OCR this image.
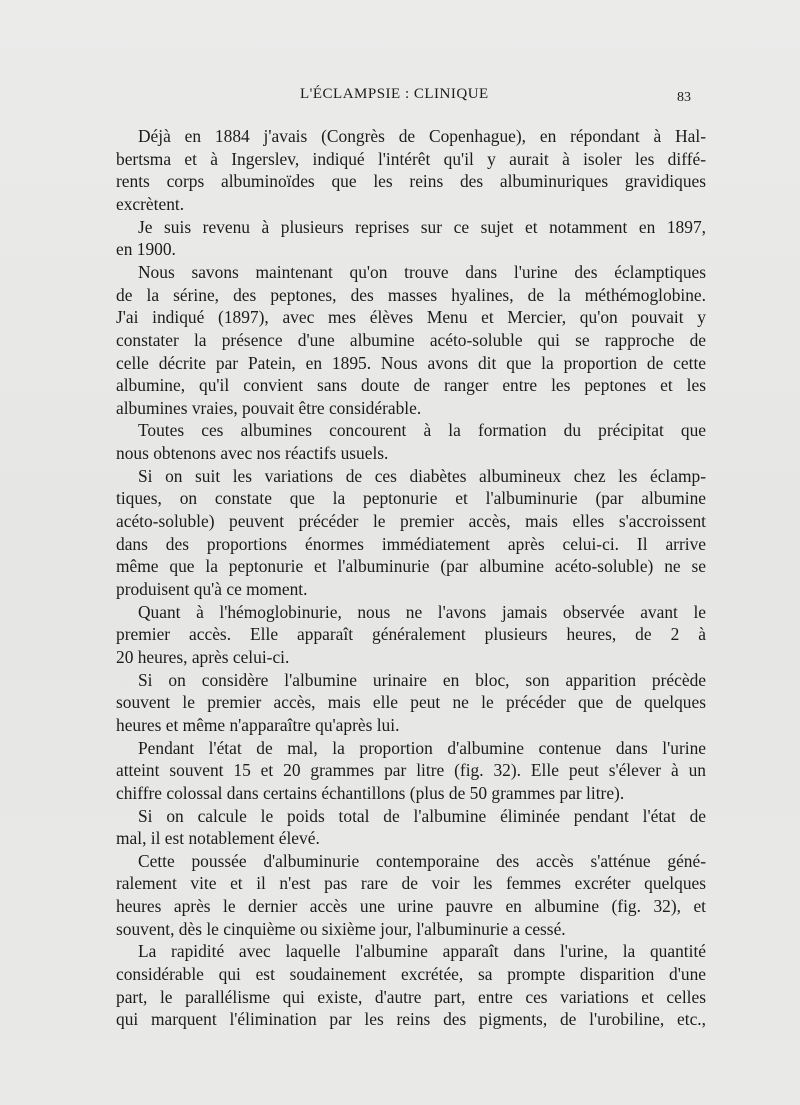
L'ÉCLAMPSIE : CLINIQUE	83
Déjà en 1884 j'avais (Congrès de Copenhague), en répondant à Hal-
bertsma et à Ingerslev, indiqué l'intérêt qu'il y aurait à isoler les diffé-
rents corps albuminoïdes que les reins des albuminuriques gravidiques
excrètent.
Je suis revenu à plusieurs reprises sur ce sujet et notamment en 1897,
en 1900.
Nous savons maintenant qu'on trouve dans l'urine des éclamptiques
de la sérine, des peptones, des masses hyalines, de la méthémoglobine.
J'ai indiqué (1897), avec mes élèves Menu et Mercier, qu'on pouvait y
constater la présence d'une albumine acéto-soluble qui se rapproche de
celle décrite par Patein, en 1895. Nous avons dit que la proportion de cette
albumine, qu'il convient sans doute de ranger entre les peptones et les
albumines vraies, pouvait être considérable.
Toutes ces albumines concourent à la formation du précipitat que
nous obtenons avec nos réactifs usuels.
Si on suit les variations de ces diabètes albumineux chez les éclamp-
tiques, on constate que la peptonurie et l'albuminurie (par albumine
acéto-soluble) peuvent précéder le premier accès, mais elles s'accroissent
dans des proportions énormes immédiatement après celui-ci. Il arrive
même que la peptonurie et l'albuminurie (par albumine acéto-soluble) ne se
produisent qu'à ce moment.
Quant à l'hémoglobinurie, nous ne l'avons jamais observée avant le
premier accès. Elle apparaît généralement plusieurs heures, de 2 à
20 heures, après celui-ci.
Si on considère l'albumine urinaire en bloc, son apparition précède
souvent le premier accès, mais elle peut ne le précéder que de quelques
heures et même n'apparaître qu'après lui.
Pendant l'état de mal, la proportion d'albumine contenue dans l'urine
atteint souvent 15 et 20 grammes par litre (fig. 32). Elle peut s'élever à un
chiffre colossal dans certains échantillons (plus de 50 grammes par litre).
Si on calcule le poids total de l'albumine éliminée pendant l'état de
mal, il est notablement élevé.
Cette poussée d'albuminurie contemporaine des accès s'atténue géné-
ralement vite et il n'est pas rare de voir les femmes excréter quelques
heures après le dernier accès une urine pauvre en albumine (fig. 32), et
souvent, dès le cinquième ou sixième jour, l'albuminurie a cessé.
La rapidité avec laquelle l'albumine apparaît dans l'urine, la quantité
considérable qui est soudainement excrétée, sa prompte disparition d'une
part, le parallélisme qui existe, d'autre part, entre ces variations et celles
qui marquent l'élimination par les reins des pigments, de l'urobiline, etc.,
